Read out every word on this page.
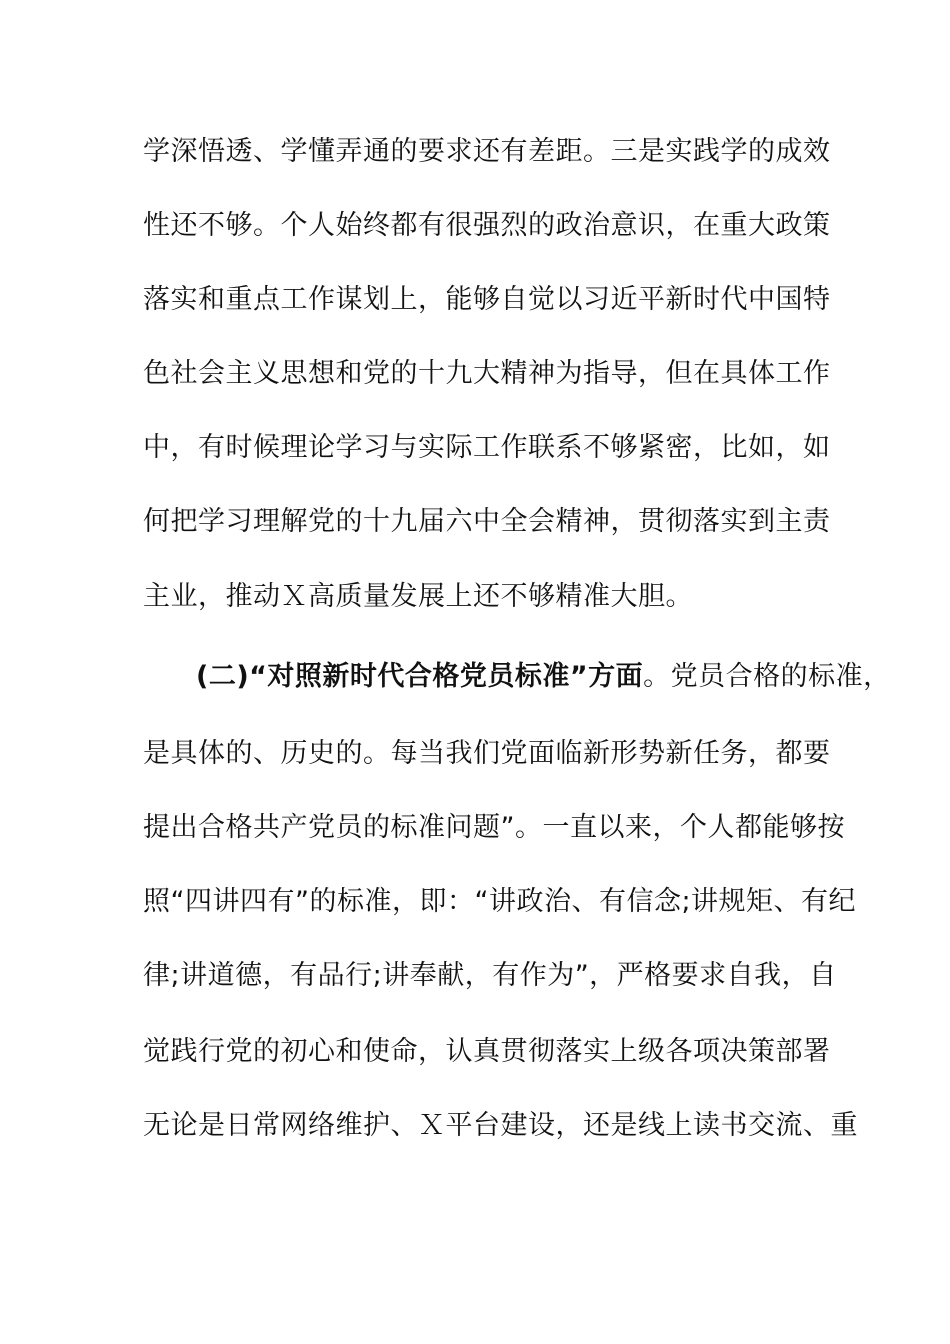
学深悟透、学懂弄通的要求还有差距。三是实践学的成效
性还不够。个人始终都有很强烈的政治意识，在重大政策
落实和重点工作谋划上，能够自觉以习近平新时代中国特
色社会主义思想和党的十九大精神为指导，但在具体工作
中，有时候理论学习与实际工作联系不够紧密，比如，如
何把学习理解党的十九届六中全会精神，贯彻落实到主责
主业，推动Ｘ高质量发展上还不够精准大胆。
(二)“对照新时代合格党员标准”方面。党员合格的标准，
是具体的、历史的。每当我们党面临新形势新任务，都要
提出合格共产党员的标准问题”。一直以来，个人都能够按
照“四讲四有”的标准，即：“讲政治、有信念;讲规矩、有纪
律;讲道德，有品行;讲奉献，有作为”，严格要求自我，自
觉践行党的初心和使命，认真贯彻落实上级各项决策部署
无论是日常网络维护、Ｘ平台建设，还是线上读书交流、重
